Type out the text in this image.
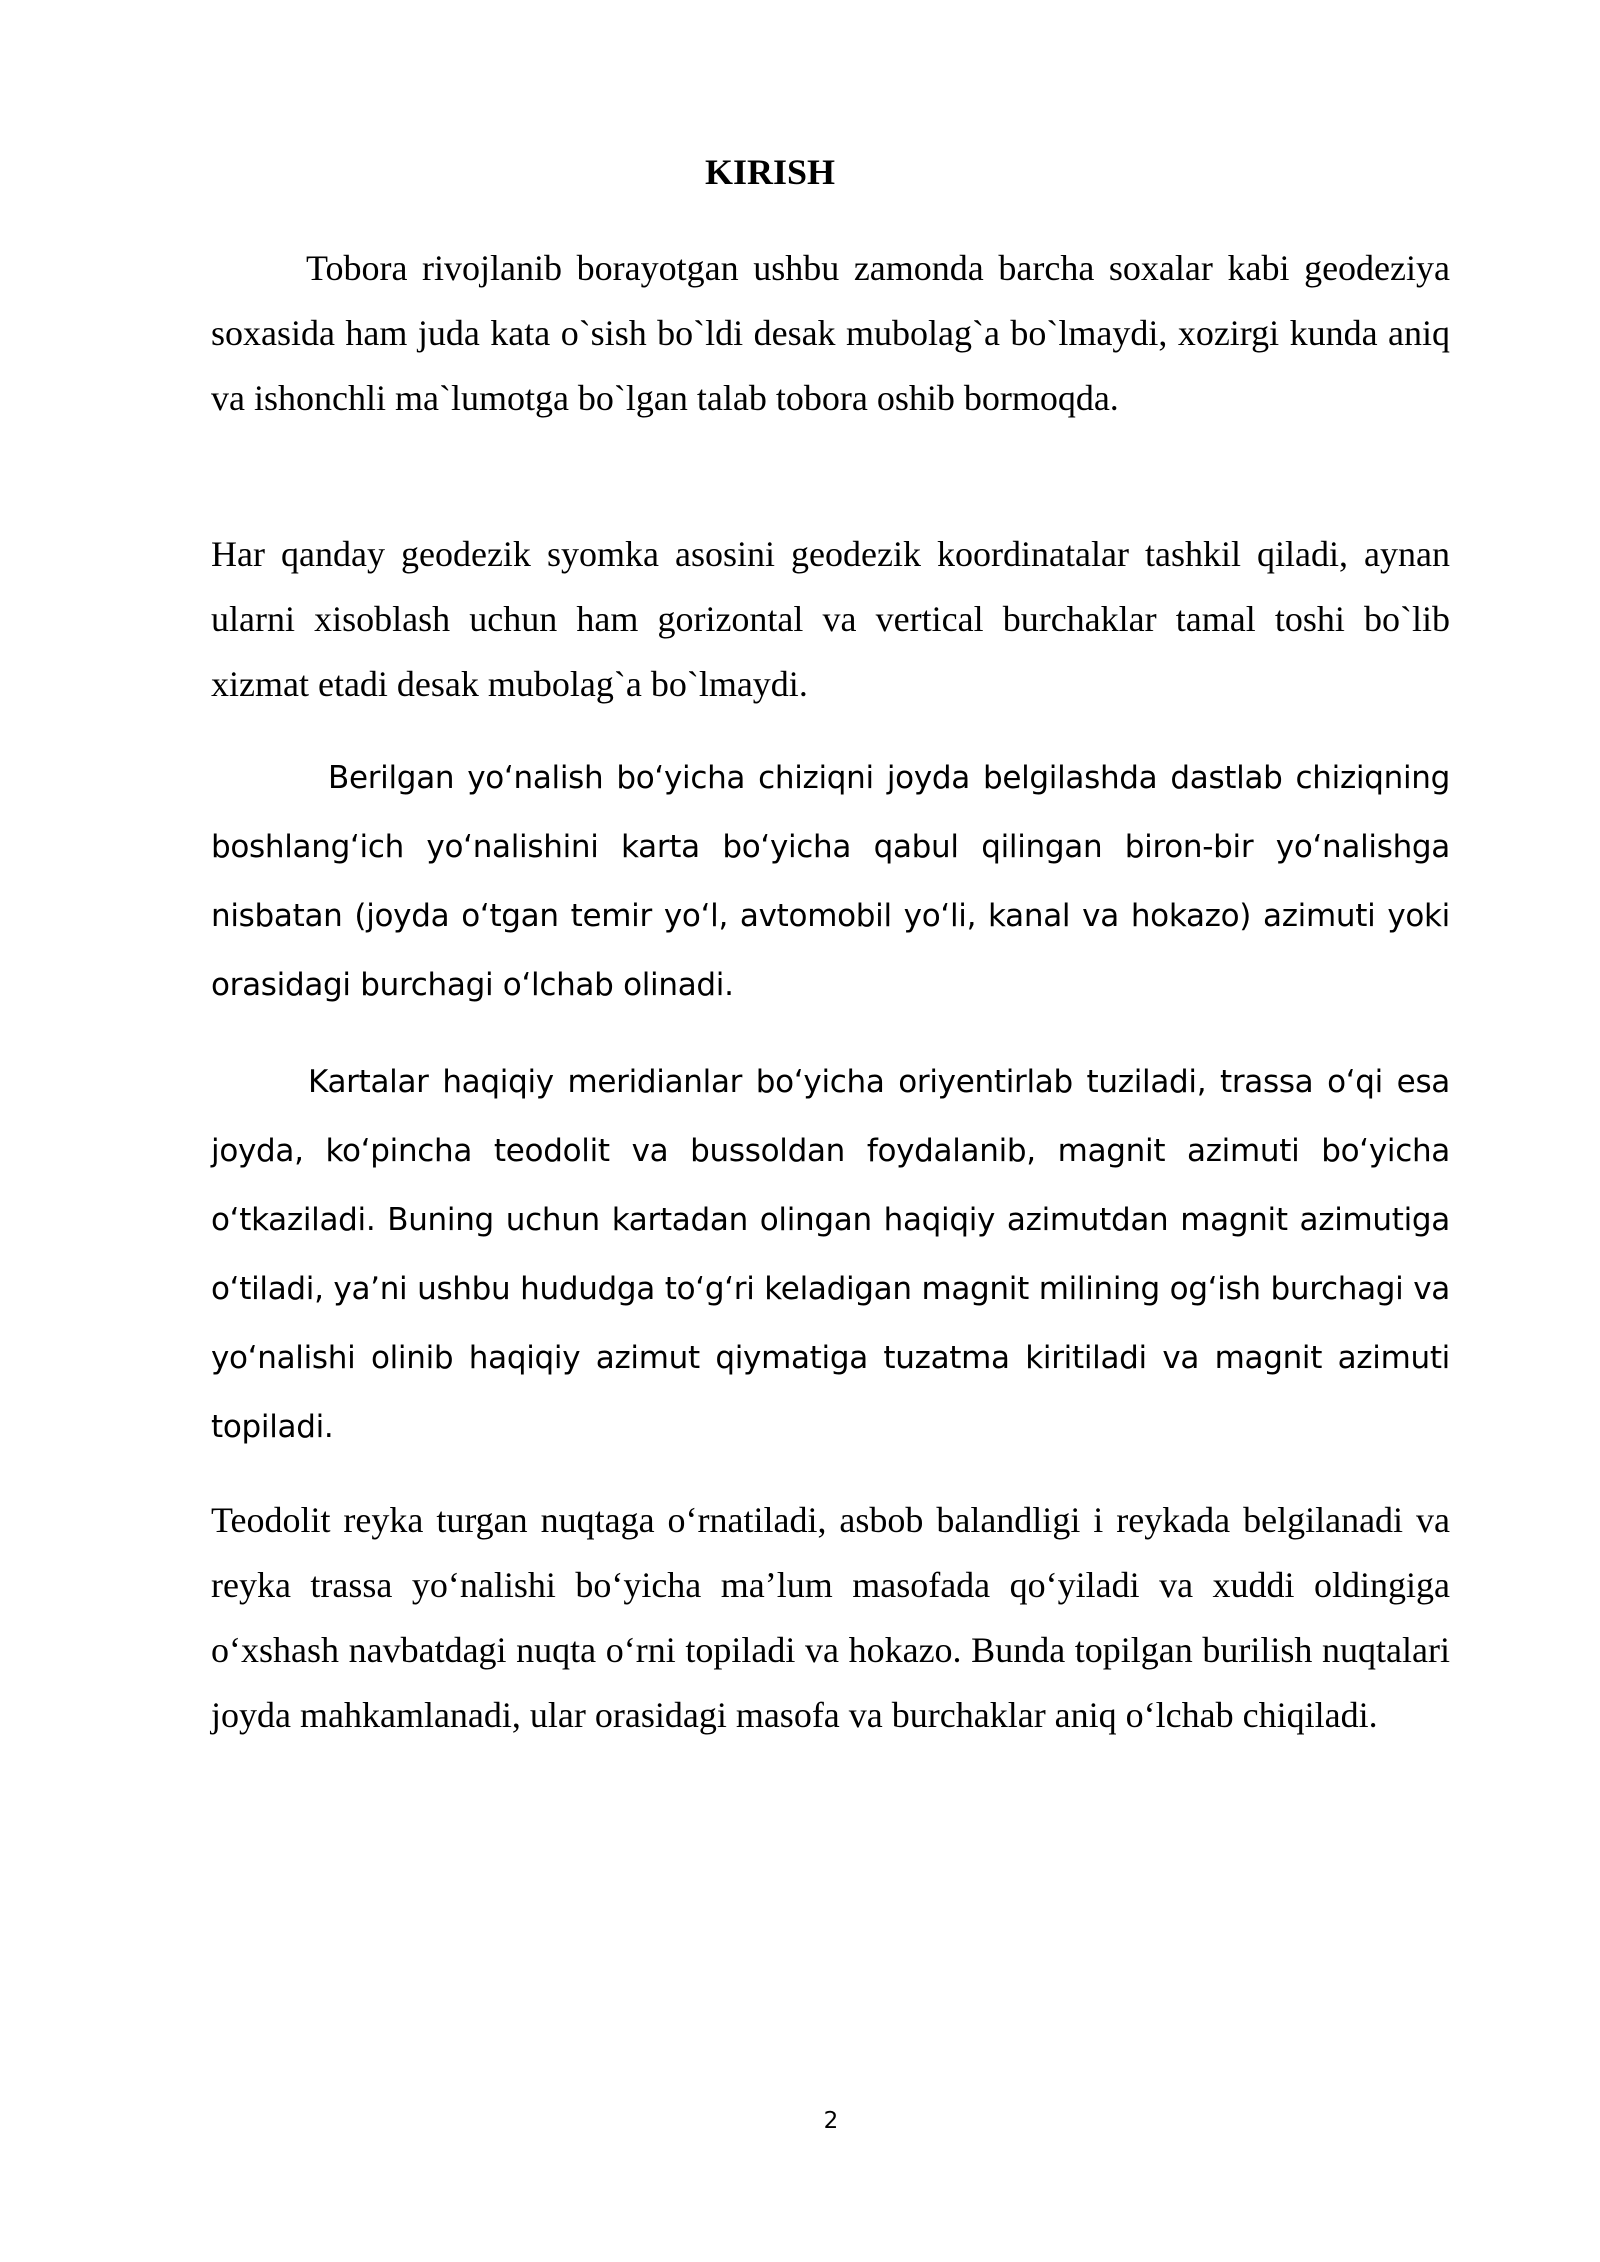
KIRISH

Tobora rivojlanib borayotgan ushbu zamonda barcha soxalar kabi geodeziya soxasida ham juda kata o`sish bo`ldi desak mubolag`a bo`lmaydi, xozirgi kunda aniq va ishonchli ma`lumotga bo`lgan talab tobora oshib bormoqda.

Har qanday geodezik syomka asosini geodezik koordinatalar tashkil qiladi, aynan ularni xisoblash uchun ham gorizontal va vertical burchaklar tamal toshi bo`lib xizmat etadi desak mubolag`a bo`lmaydi.

Berilgan yoʻnalish boʻyicha chiziqni joyda belgilashda dastlab chiziqning boshlangʻich yoʻnalishini karta boʻyicha qabul qilingan biron-bir yoʻnalishga nisbatan (joyda oʻtgan temir yoʻl, avtomobil yoʻli, kanal va hokazo) azimuti yoki orasidagi burchagi oʻlchab olinadi.

Kartalar haqiqiy meridianlar boʻyicha oriyentirlab tuziladi, trassa oʻqi esa joyda, koʻpincha teodolit va bussoldan foydalanib, magnit azimuti boʻyicha oʻtkaziladi. Buning uchun kartadan olingan haqiqiy azimutdan magnit azimutiga oʻtiladi, yaʼni ushbu hududga toʻgʻri keladigan magnit milining ogʻish burchagi va yoʻnalishi olinib haqiqiy azimut qiymatiga tuzatma kiritiladi va magnit azimuti topiladi.

Teodolit reyka turgan nuqtaga oʻrnatiladi, asbob balandligi i reykada belgilanadi va reyka trassa yoʻnalishi boʻyicha maʼlum masofada qoʻyiladi va xuddi oldingiga oʻxshash navbatdagi nuqta oʻrni topiladi va hokazo. Bunda topilgan burilish nuqtalari joyda mahkamlanadi, ular orasidagi masofa va burchaklar aniq oʻlchab chiqiladi.

2
